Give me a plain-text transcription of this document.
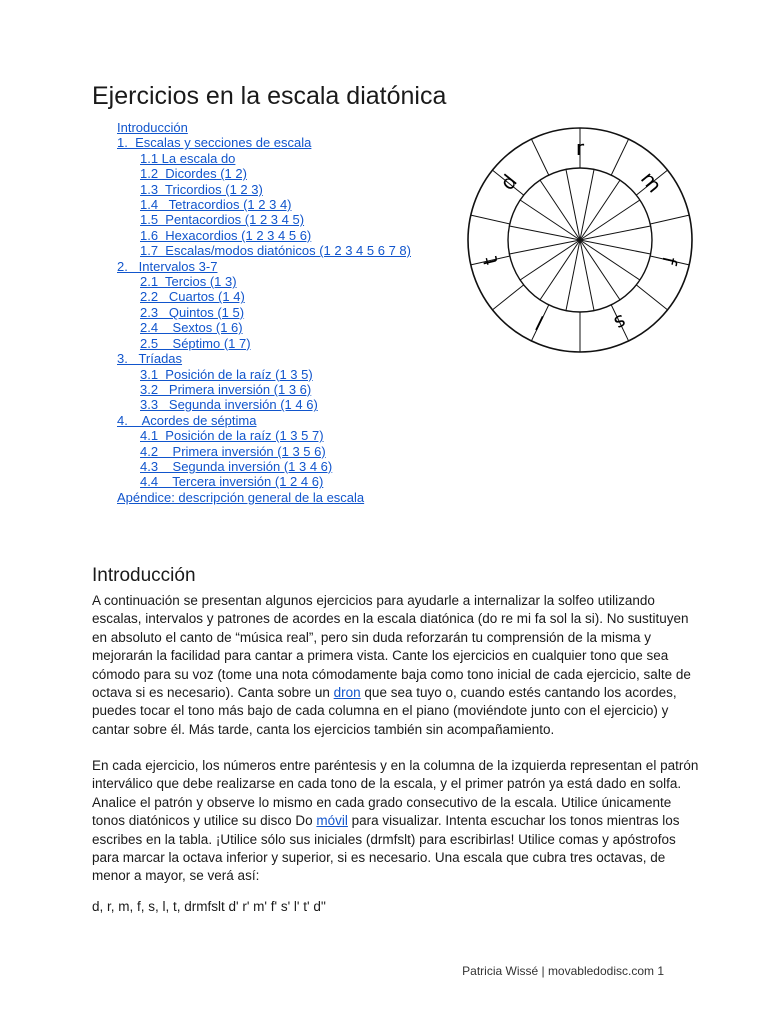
Ejercicios en la escala diatónica
Introducción
1.  Escalas y secciones de escala
1.1 La escala do
1.2  Dicordes (1 2)
1.3  Tricordios (1 2 3)
1.4   Tetracordios (1 2 3 4)
1.5  Pentacordios (1 2 3 4 5)
1.6  Hexacordios (1 2 3 4 5 6)
1.7  Escalas/modos diatónicos (1 2 3 4 5 6 7 8)
2.   Intervalos 3-7
2.1  Tercios (1 3)
2.2   Cuartos (1 4)
2.3   Quintos (1 5)
2.4    Sextos (1 6)
2.5    Séptimo (1 7)
3.   Tríadas
3.1  Posición de la raíz (1 3 5)
3.2   Primera inversión (1 3 6)
3.3   Segunda inversión (1 4 6)
4.    Acordes de séptima
4.1  Posición de la raíz (1 3 5 7)
4.2    Primera inversión (1 3 5 6)
4.3    Segunda inversión (1 3 4 6)
4.4    Tercera inversión (1 2 4 6)
Apéndice: descripción general de la escala
r
m
f
s
l
t
d
Introducción

A continuación se presentan algunos ejercicios para ayudarle a internalizar la solfeo utilizando escalas, intervalos y patrones de acordes en la escala diatónica (do re mi fa sol la si). No sustituyen en absoluto el canto de “música real”, pero sin duda reforzarán tu comprensión de la misma y mejorarán la facilidad para cantar a primera vista. Cante los ejercicios en cualquier tono que sea cómodo para su voz (tome una nota cómodamente baja como tono inicial de cada ejercicio, salte de octava si es necesario). Canta sobre un dron que sea tuyo o, cuando estés cantando los acordes, puedes tocar el tono más bajo de cada columna en el piano (moviéndote junto con el ejercicio) y cantar sobre él. Más tarde, canta los ejercicios también sin acompañamiento.

En cada ejercicio, los números entre paréntesis y en la columna de la izquierda representan el patrón interválico que debe realizarse en cada tono de la escala, y el primer patrón ya está dado en solfa. Analice el patrón y observe lo mismo en cada grado consecutivo de la escala. Utilice únicamente tonos diatónicos y utilice su disco Do móvil para visualizar. Intenta escuchar los tonos mientras los escribes en la tabla. ¡Utilice sólo sus iniciales (drmfslt) para escribirlas! Utilice comas y apóstrofos para marcar la octava inferior y superior, si es necesario. Una escala que cubra tres octavas, de menor a mayor, se verá así:

d, r, m, f, s, l, t, drmfslt d' r' m' f' s' l' t' d''

Patricia Wissé | movabledodisc.com 1
